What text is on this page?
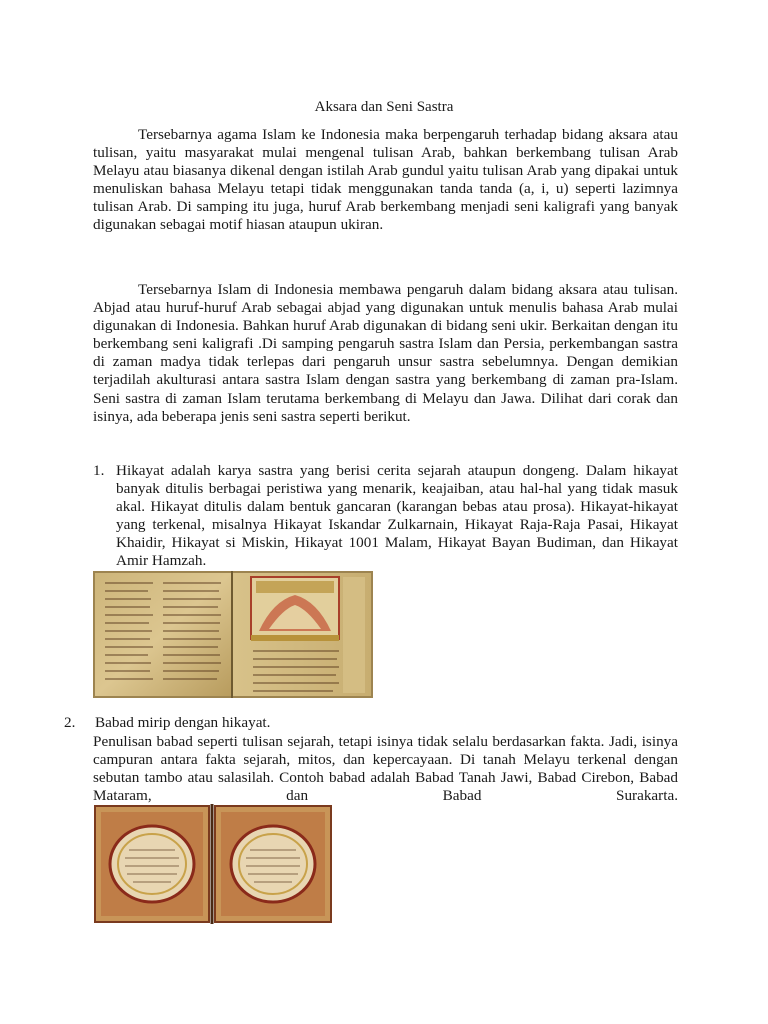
Aksara dan Seni Sastra

Tersebarnya agama Islam ke Indonesia maka berpengaruh terhadap bidang aksara atau tulisan, yaitu masyarakat mulai mengenal tulisan Arab, bahkan berkembang tulisan Arab Melayu atau biasanya dikenal dengan istilah Arab gundul yaitu tulisan Arab yang dipakai untuk menuliskan bahasa Melayu tetapi tidak menggunakan tanda tanda (a, i, u) seperti lazimnya tulisan Arab. Di samping itu juga, huruf Arab berkembang menjadi seni kaligrafi yang banyak digunakan sebagai motif hiasan ataupun ukiran.

Tersebarnya Islam di Indonesia membawa pengaruh dalam bidang aksara atau tulisan. Abjad atau huruf-huruf Arab sebagai abjad yang digunakan untuk menulis bahasa Arab mulai digunakan di Indonesia. Bahkan huruf Arab digunakan di bidang seni ukir. Berkaitan dengan itu berkembang seni kaligrafi .Di samping pengaruh sastra Islam dan Persia, perkembangan sastra di zaman madya tidak terlepas dari pengaruh unsur sastra sebelumnya. Dengan demikian terjadilah akulturasi antara sastra Islam dengan sastra yang berkembang di zaman pra-Islam. Seni sastra di zaman Islam terutama berkembang di Melayu dan Jawa. Dilihat dari corak dan isinya, ada beberapa jenis seni sastra seperti berikut.

1. Hikayat adalah karya sastra yang berisi cerita sejarah ataupun dongeng. Dalam hikayat banyak ditulis berbagai peristiwa yang menarik, keajaiban, atau hal-hal yang tidak masuk akal. Hikayat ditulis dalam bentuk gancaran (karangan bebas atau prosa). Hikayat-hikayat yang terkenal, misalnya Hikayat Iskandar Zulkarnain, Hikayat Raja-Raja Pasai, Hikayat Khaidir, Hikayat si Miskin, Hikayat 1001 Malam, Hikayat Bayan Budiman, dan Hikayat Amir Hamzah.

2. Babad mirip dengan hikayat.

Penulisan babad seperti tulisan sejarah, tetapi isinya tidak selalu berdasarkan fakta. Jadi, isinya campuran antara fakta sejarah, mitos, dan kepercayaan. Di tanah Melayu terkenal dengan sebutan tambo atau salasilah. Contoh babad adalah Babad Tanah Jawi, Babad Cirebon, Babad Mataram, dan Babad Surakarta.
